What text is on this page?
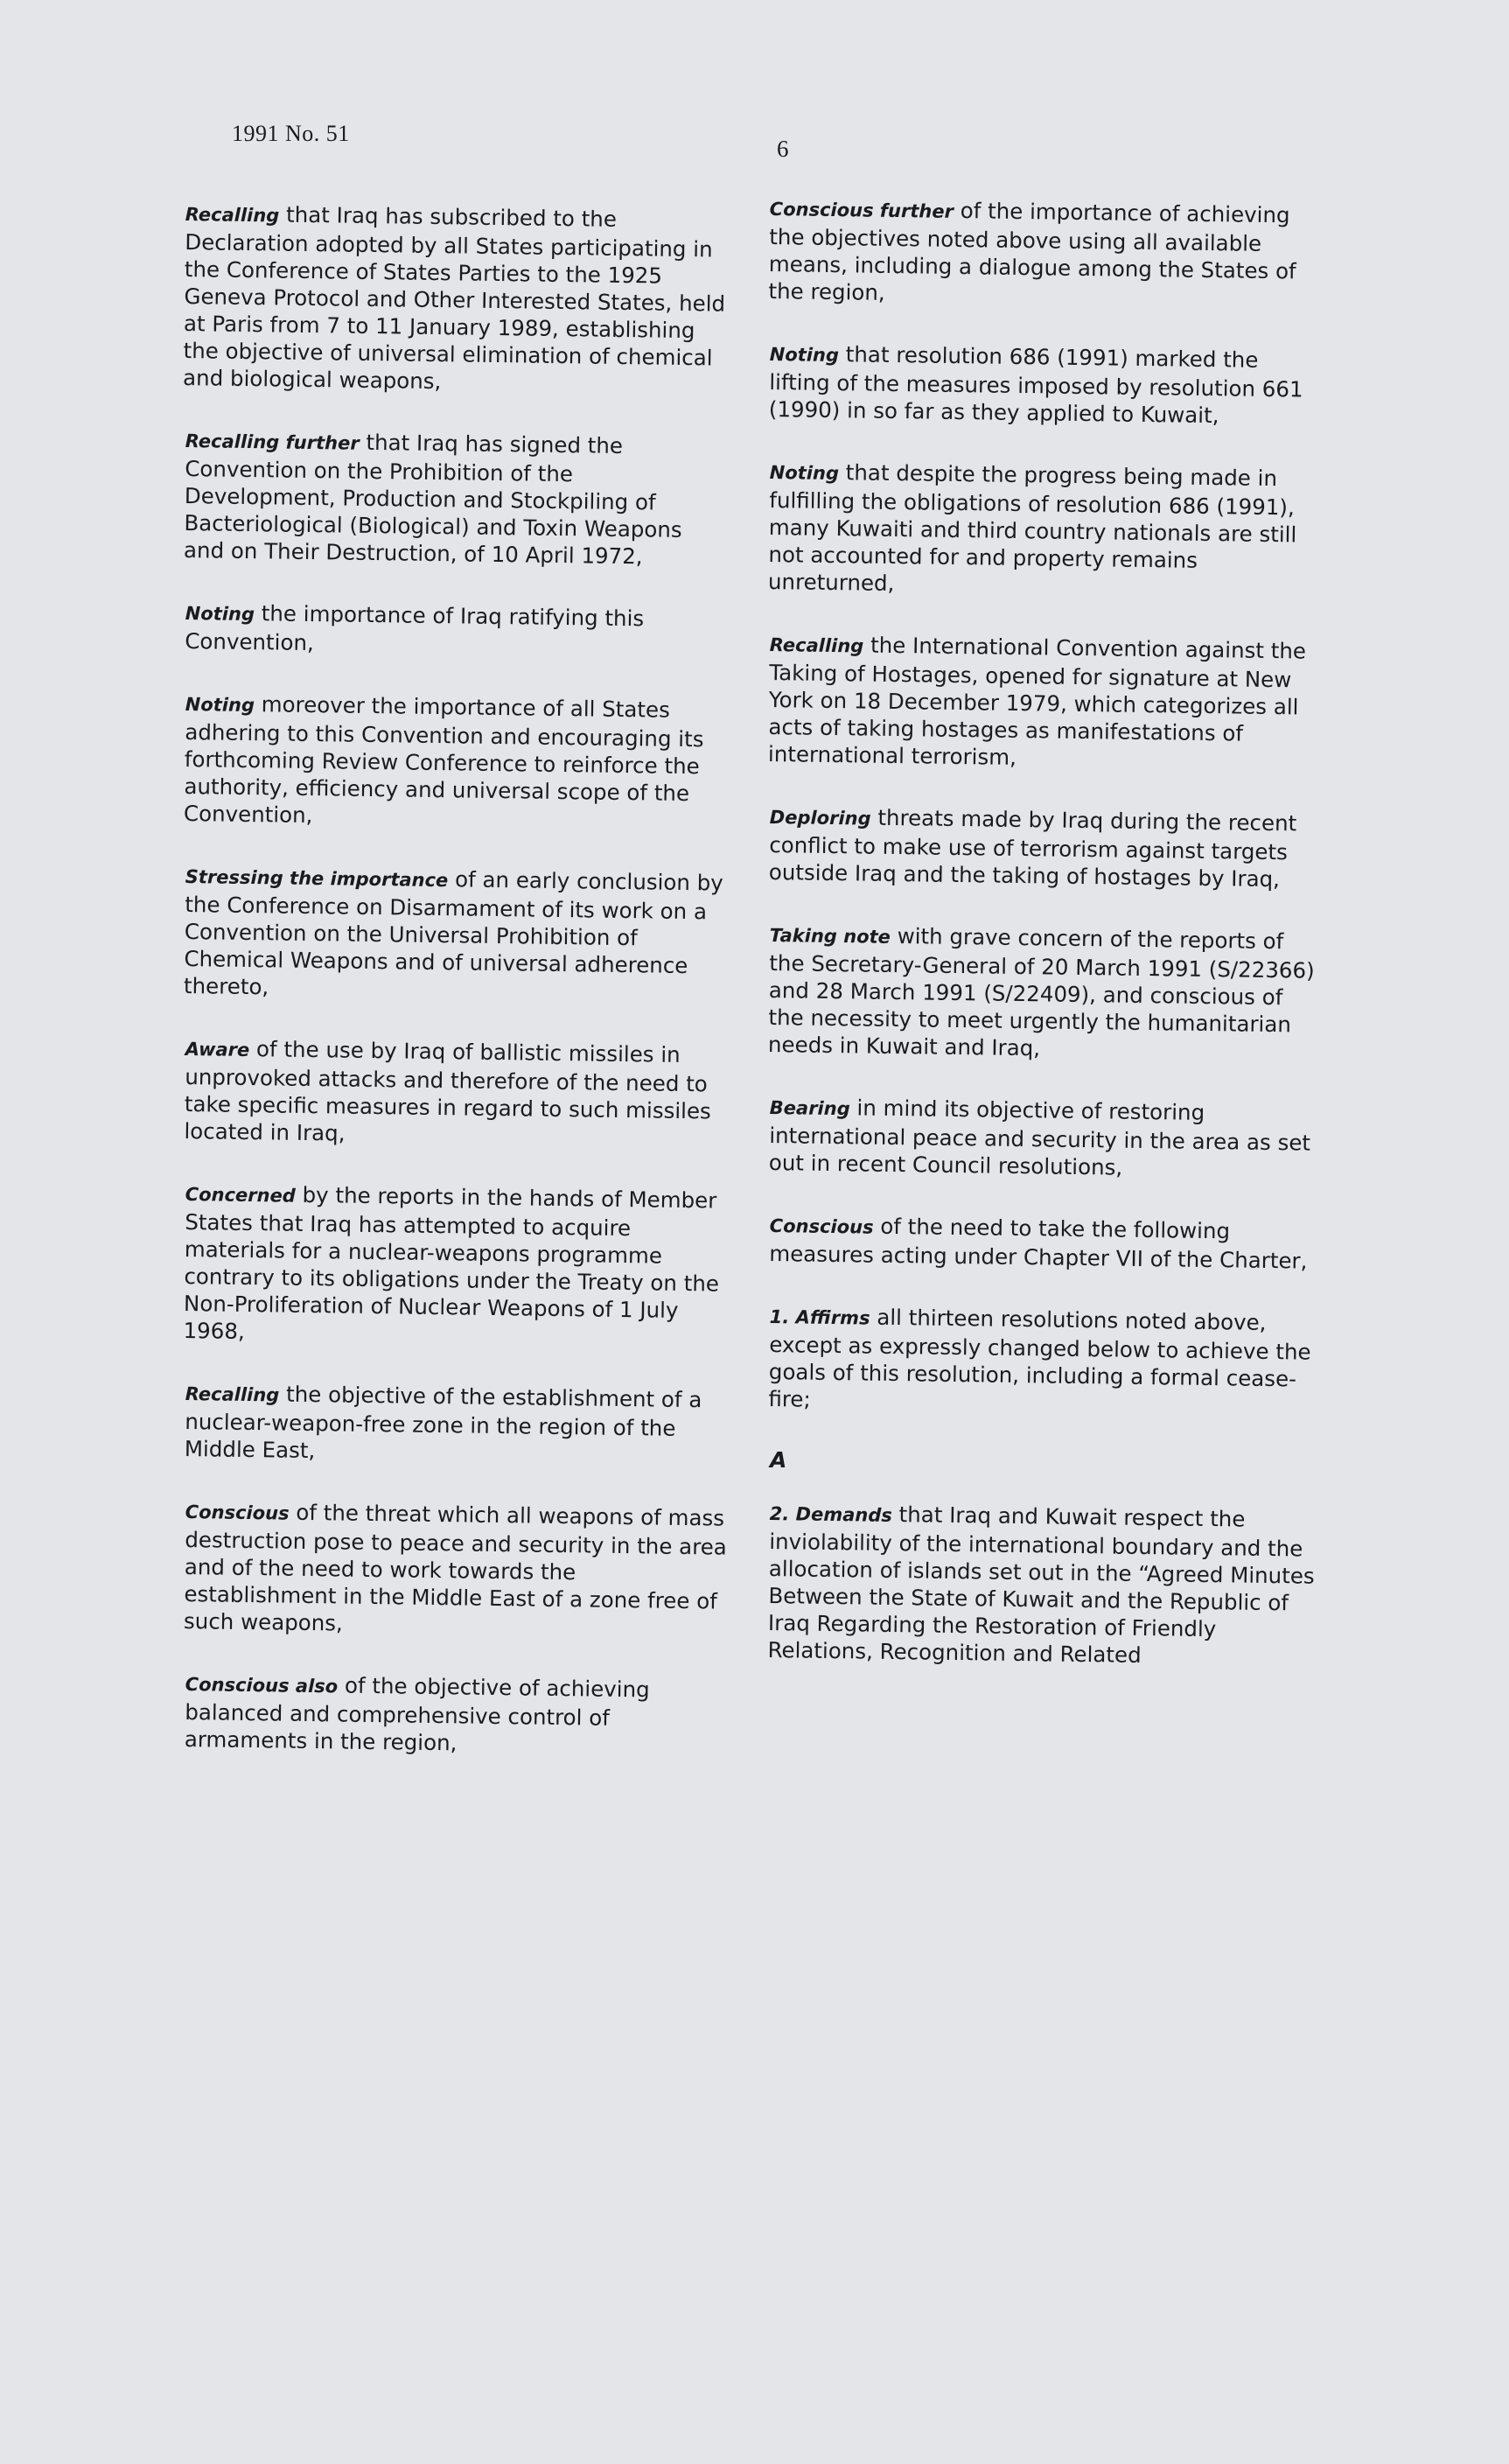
1991 No. 51
6

Recalling that Iraq has subscribed to the Declaration adopted by all States participating in the Conference of States Parties to the 1925 Geneva Protocol and Other Interested States, held at Paris from 7 to 11 January 1989, establishing the objective of universal elimination of chemical and biological weapons,

Recalling further that Iraq has signed the Convention on the Prohibition of the Development, Production and Stockpiling of Bacteriological (Biological) and Toxin Weapons and on Their Destruction, of 10 April 1972,

Noting the importance of Iraq ratifying this Convention,

Noting moreover the importance of all States adhering to this Convention and encouraging its forthcoming Review Conference to reinforce the authority, efficiency and universal scope of the Convention,

Stressing the importance of an early conclusion by the Conference on Disarmament of its work on a Convention on the Universal Prohibition of Chemical Weapons and of universal adherence thereto,

Aware of the use by Iraq of ballistic missiles in unprovoked attacks and therefore of the need to take specific measures in regard to such missiles located in Iraq,

Concerned by the reports in the hands of Member States that Iraq has attempted to acquire materials for a nuclear-weapons programme contrary to its obligations under the Treaty on the Non-Proliferation of Nuclear Weapons of 1 July 1968,

Recalling the objective of the establishment of a nuclear-weapon-free zone in the region of the Middle East,

Conscious of the threat which all weapons of mass destruction pose to peace and security in the area and of the need to work towards the establishment in the Middle East of a zone free of such weapons,

Conscious also of the objective of achieving balanced and comprehensive control of armaments in the region,

Conscious further of the importance of achieving the objectives noted above using all available means, including a dialogue among the States of the region,

Noting that resolution 686 (1991) marked the lifting of the measures imposed by resolution 661 (1990) in so far as they applied to Kuwait,

Noting that despite the progress being made in fulfilling the obligations of resolution 686 (1991), many Kuwaiti and third country nationals are still not accounted for and property remains unreturned,

Recalling the International Convention against the Taking of Hostages, opened for signature at New York on 18 December 1979, which categorizes all acts of taking hostages as manifestations of international terrorism,

Deploring threats made by Iraq during the recent conflict to make use of terrorism against targets outside Iraq and the taking of hostages by Iraq,

Taking note with grave concern of the reports of the Secretary-General of 20 March 1991 (S/22366) and 28 March 1991 (S/22409), and conscious of the necessity to meet urgently the humanitarian needs in Kuwait and Iraq,

Bearing in mind its objective of restoring international peace and security in the area as set out in recent Council resolutions,

Conscious of the need to take the following measures acting under Chapter VII of the Charter,

1. Affirms all thirteen resolutions noted above, except as expressly changed below to achieve the goals of this resolution, including a formal cease-fire;

A

2. Demands that Iraq and Kuwait respect the inviolability of the international boundary and the allocation of islands set out in the “Agreed Minutes Between the State of Kuwait and the Republic of Iraq Regarding the Restoration of Friendly Relations, Recognition and Related
